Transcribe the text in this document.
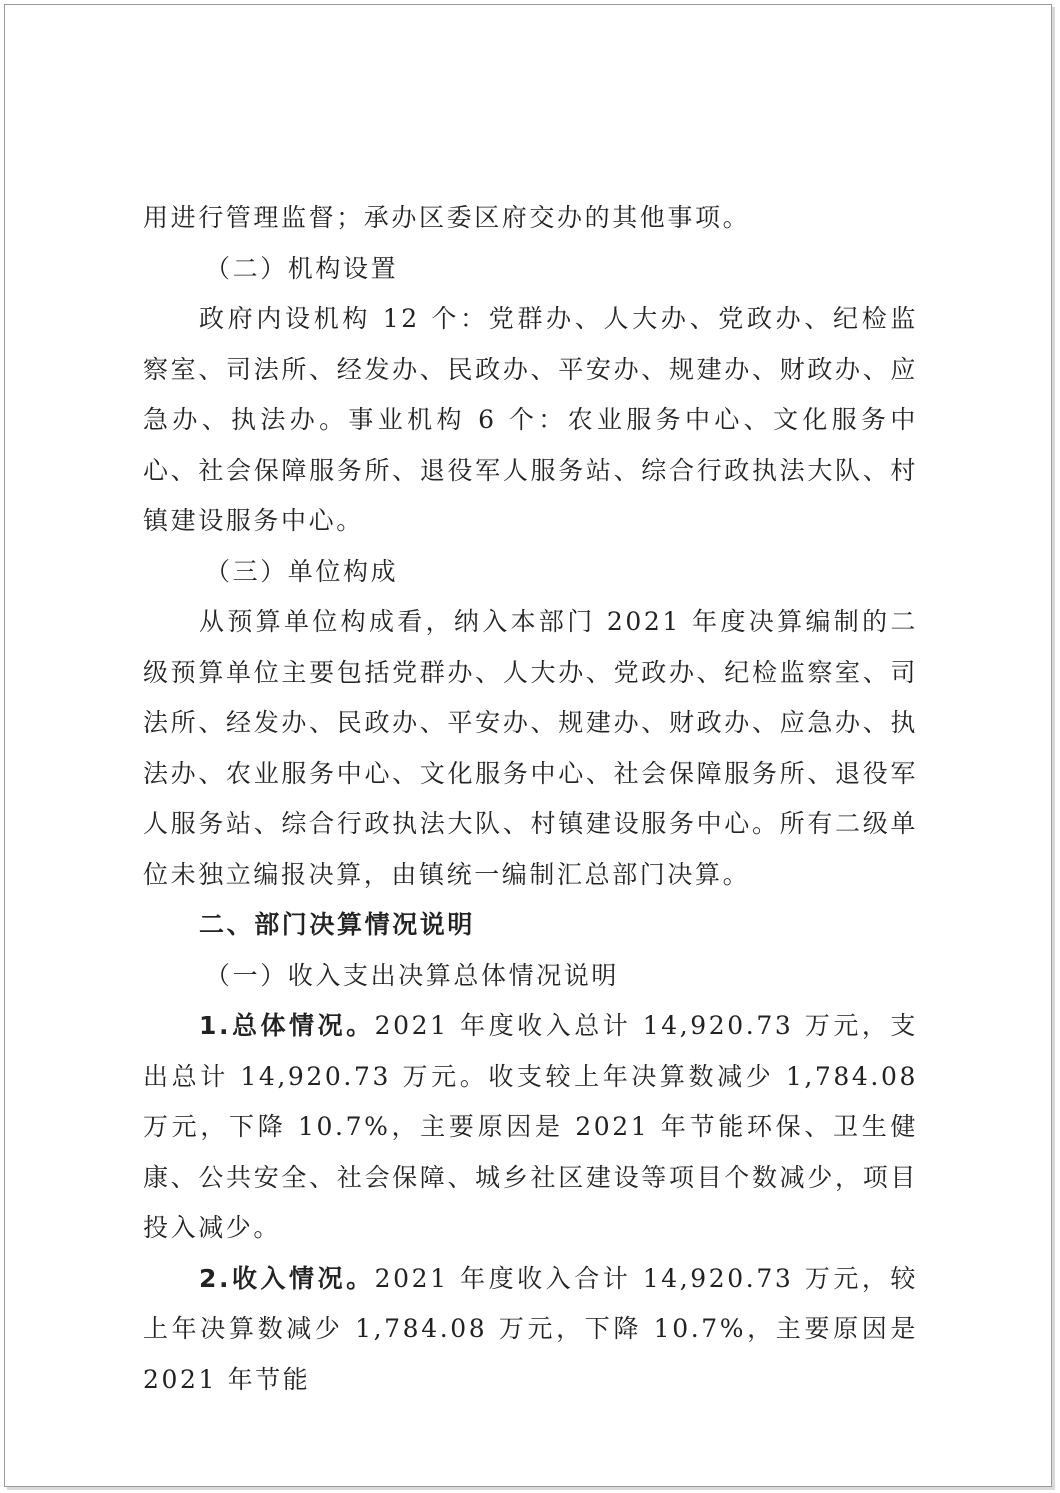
用进行管理监督；承办区委区府交办的其他事项。

（二）机构设置

政府内设机构 12 个：党群办、人大办、党政办、纪检监察室、司法所、经发办、民政办、平安办、规建办、财政办、应急办、执法办。事业机构 6 个：农业服务中心、文化服务中心、社会保障服务所、退役军人服务站、综合行政执法大队、村镇建设服务中心。

（三）单位构成

从预算单位构成看，纳入本部门 2021 年度决算编制的二级预算单位主要包括党群办、人大办、党政办、纪检监察室、司法所、经发办、民政办、平安办、规建办、财政办、应急办、执法办、农业服务中心、文化服务中心、社会保障服务所、退役军人服务站、综合行政执法大队、村镇建设服务中心。所有二级单位未独立编报决算，由镇统一编制汇总部门决算。

二、部门决算情况说明

（一）收入支出决算总体情况说明

1.总体情况。2021 年度收入总计 14,920.73 万元，支出总计 14,920.73 万元。收支较上年决算数减少 1,784.08 万元，下降 10.7%，主要原因是 2021 年节能环保、卫生健康、公共安全、社会保障、城乡社区建设等项目个数减少，项目投入减少。

2.收入情况。2021 年度收入合计 14,920.73 万元，较上年决算数减少 1,784.08 万元，下降 10.7%，主要原因是 2021 年节能
